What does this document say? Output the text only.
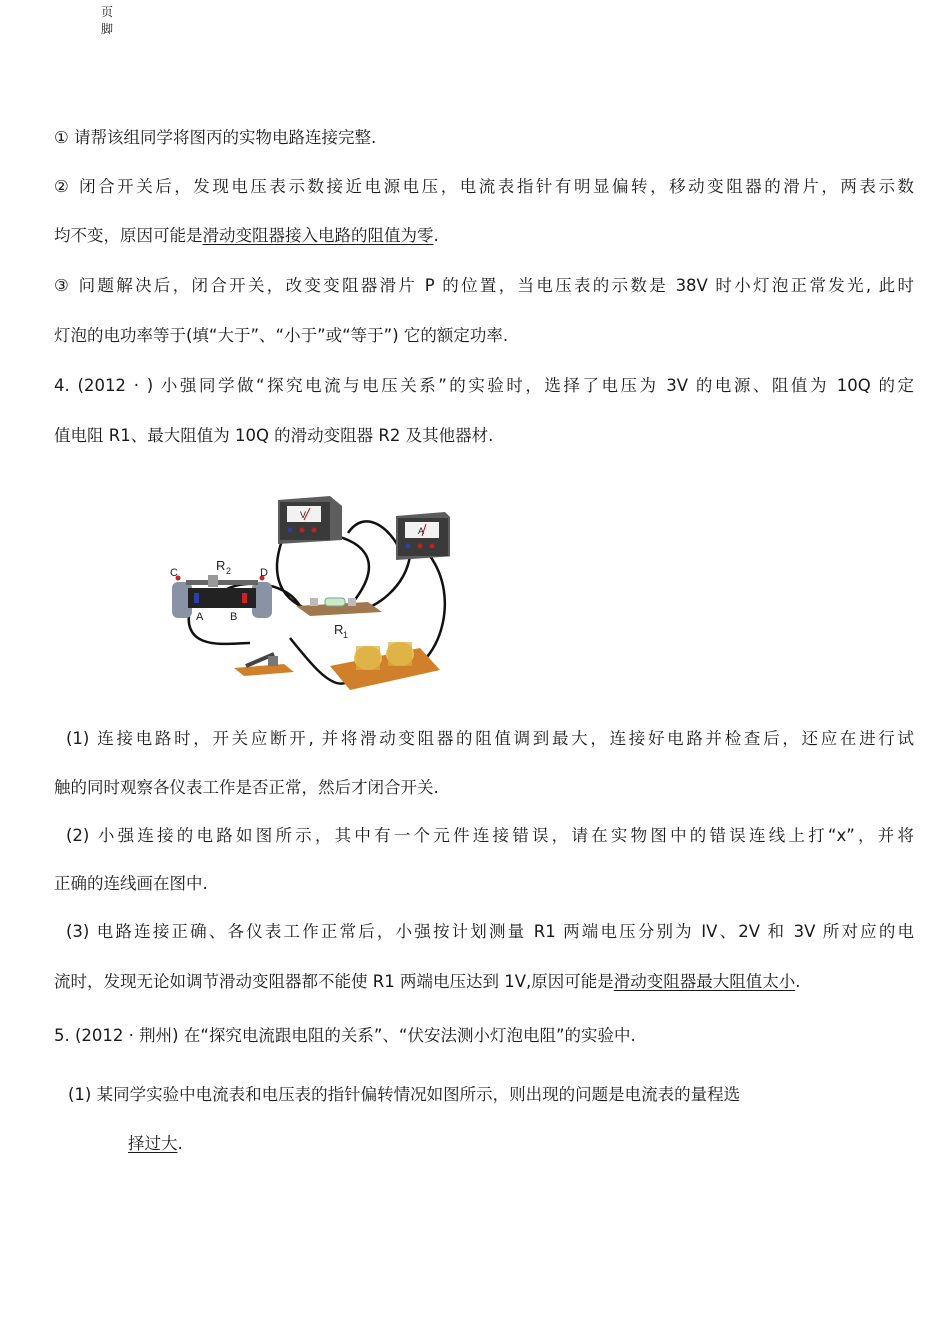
页
脚
① 请帮该组同学将图丙的实物电路连接完整.
② 闭合开关后，发现电压表示数接近电源电压，电流表指针有明显偏转，移动变阻器的滑片，两表示数
均不变，原因可能是滑动变阻器接入电路的阻值为零.
③ 问题解决后，闭合开关，改变变阻器滑片 P 的位置，当电压表的示数是 38V 时小灯泡正常发光, 此时
灯泡的电功率等于(填“大于”、“小于”或“等于”) 它的额定功率.
4. (2012 · ) 小强同学做“探究电流与电压关系”的实验时，选择了电压为 3V 的电源、阻值为 10Q 的定
值电阻 R1、最大阻值为 10Q 的滑动变阻器 R2 及其他器材.
C	D
R 2
A B
R 1
V
A
(1) 连接电路时，开关应断开, 并将滑动变阻器的阻值调到最大，连接好电路并检查后，还应在进行试
触的同时观察各仪表工作是否正常，然后才闭合开关.
(2) 小强连接的电路如图所示，其中有一个元件连接错误，请在实物图中的错误连线上打“x”，并将
正确的连线画在图中.
(3) 电路连接正确、各仪表工作正常后，小强按计划测量 R1 两端电压分别为 IV、2V 和 3V 所对应的电
流时，发现无论如调节滑动变阻器都不能使 R1 两端电压达到 1V,原因可能是滑动变阻器最大阻值太小.
5. (2012 · 荆州) 在“探究电流跟电阻的关系”、“伏安法测小灯泡电阻”的实验中.
(1) 某同学实验中电流表和电压表的指针偏转情况如图所示，则出现的问题是电流表的量程选
择过大.
